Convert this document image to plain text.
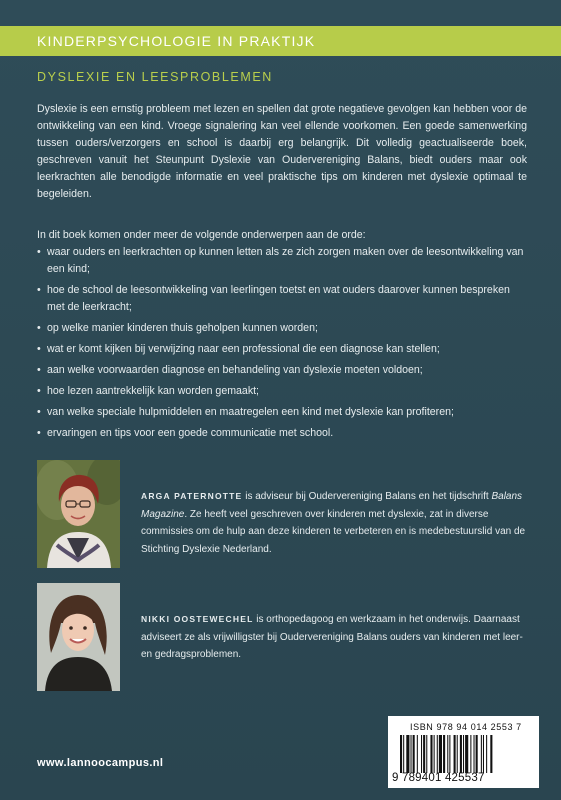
KINDERPSYCHOLOGIE IN PRAKTIJK
DYSLEXIE EN LEESPROBLEMEN

Dyslexie is een ernstig probleem met lezen en spellen dat grote negatieve gevolgen kan hebben voor de ontwikkeling van een kind. Vroege signalering kan veel ellende voorkomen. Een goede samenwerking tussen ouders/verzorgers en school is daarbij erg belangrijk. Dit volledig geactualiseerde boek, geschreven vanuit het Steunpunt Dyslexie van Oudervereniging Balans, biedt ouders maar ook leerkrachten alle benodigde informatie en veel praktische tips om kinderen met dyslexie optimaal te begeleiden.

In dit boek komen onder meer de volgende onderwerpen aan de orde:
• waar ouders en leerkrachten op kunnen letten als ze zich zorgen maken over de leesontwikkeling van een kind;
• hoe de school de leesontwikkeling van leerlingen toetst en wat ouders daarover kunnen bespreken met de leerkracht;
• op welke manier kinderen thuis geholpen kunnen worden;
• wat er komt kijken bij verwijzing naar een professional die een diagnose kan stellen;
• aan welke voorwaarden diagnose en behandeling van dyslexie moeten voldoen;
• hoe lezen aantrekkelijk kan worden gemaakt;
• van welke speciale hulpmiddelen en maatregelen een kind met dyslexie kan profiteren;
• ervaringen en tips voor een goede communicatie met school.
ARGA PATERNOTTE is adviseur bij Oudervereniging Balans en het tijdschrift Balans Magazine. Ze heeft veel geschreven over kinderen met dyslexie, zat in diverse commissies om de hulp aan deze kinderen te verbeteren en is medebestuurslid van de Stichting Dyslexie Nederland.
NIKKI OOSTEWECHEL is orthopedagoog en werkzaam in het onderwijs. Daarnaast adviseert ze als vrijwilligster bij Oudervereniging Balans ouders van kinderen met leer- en gedragsproblemen.
www.lannoocampus.nl
ISBN 978 94 014 2553 7
9 789401 425537
